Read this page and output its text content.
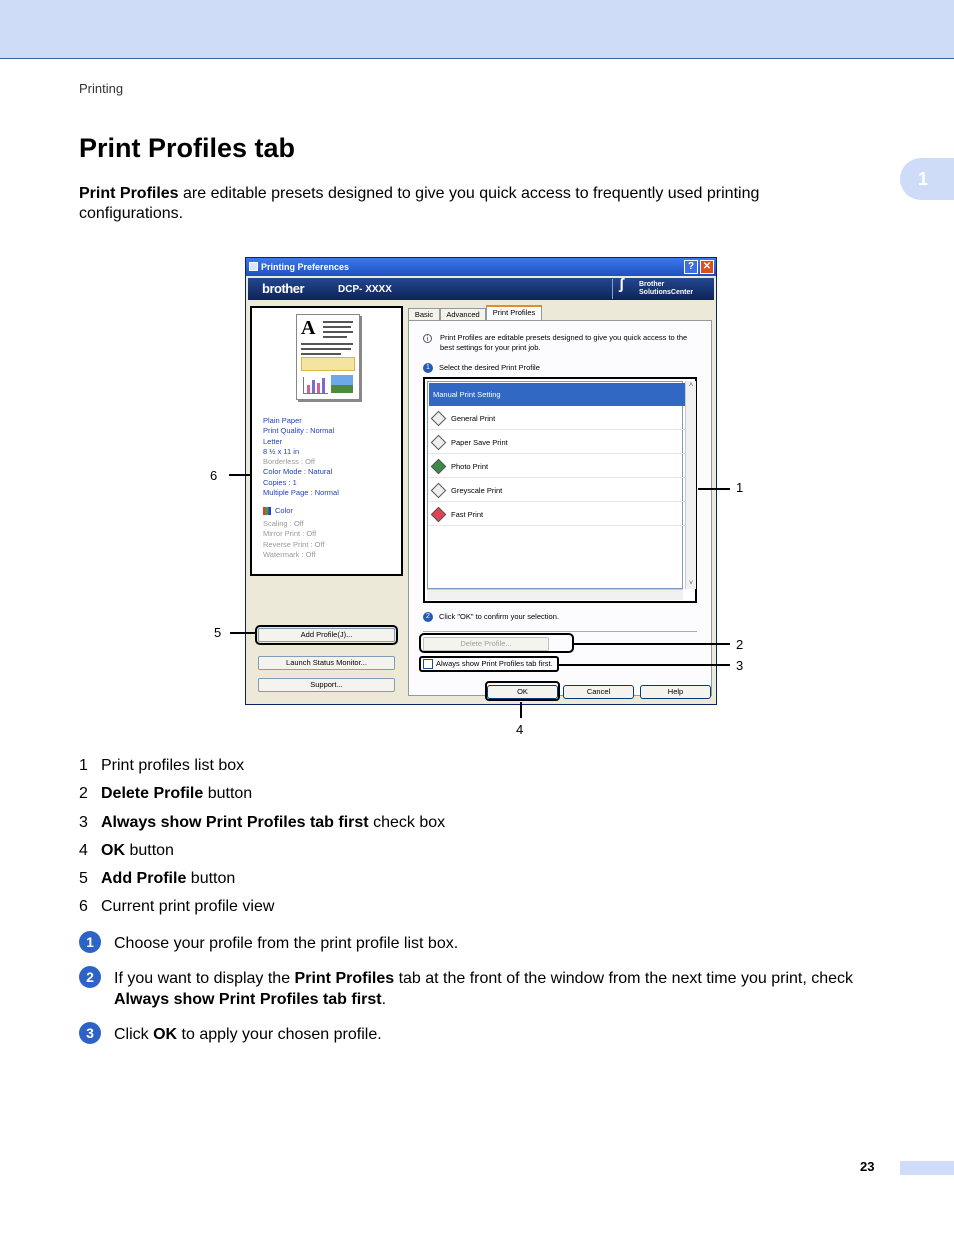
Printing
1
Print Profiles tab

Print Profiles are editable presets designed to give you quick access to frequently used printing configurations.

Printing Preferences	? ✕
brother	DCP- XXXX	ʃ Brother
SolutionsCenter
A
Plain Paper
Print Quality : Normal
Letter
8 ½ x 11 in
Borderless : Off
Color Mode : Natural
Copies : 1
Multiple Page : Normal
Color
Scaling : Off
Mirror Print : Off
Reverse Print : Off
Watermark : Off
Add Profile(J)...
Launch Status Monitor...
Support...
Basic	Advanced	Print Profiles
i	Print Profiles are editable presets designed to give you quick access to the best settings for your print job.
1 Select the desired Print Profile
Manual Print Setting
General Print
Paper Save Print
Photo Print
Greyscale Print
Fast Print
˄
˅
2 Click "OK" to confirm your selection.
Delete Profile...
Always show Print Profiles tab first.
OK	Cancel	Help
1
2
3
4
5
6
1 Print profiles list box
2 Delete Profile button
3 Always show Print Profiles tab first check box
4 OK button
5 Add Profile button
6 Current print profile view
1	Choose your profile from the print profile list box.
2	If you want to display the Print Profiles tab at the front of the window from the next time you print, check Always show Print Profiles tab first.
3	Click OK to apply your chosen profile.
23
